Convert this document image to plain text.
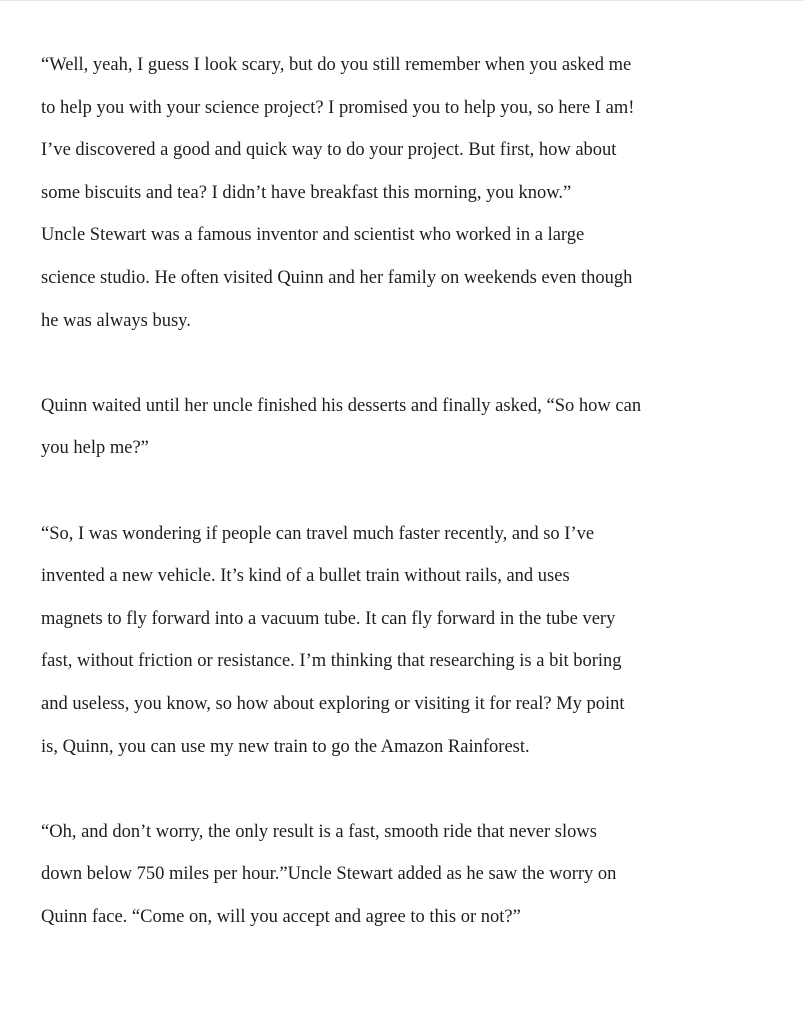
“Well, yeah, I guess I look scary, but do you still remember when you asked me
to help you with your science project? I promised you to help you, so here I am!
I’ve discovered a good and quick way to do your project. But first, how about
some biscuits and tea? I didn’t have breakfast this morning, you know.”
Uncle Stewart was a famous inventor and scientist who worked in a large
science studio. He often visited Quinn and her family on weekends even though
he was always busy.
Quinn waited until her uncle finished his desserts and finally asked, “So how can
you help me?”
“So, I was wondering if people can travel much faster recently, and so I’ve
invented a new vehicle. It’s kind of a bullet train without rails, and uses
magnets to fly forward into a vacuum tube. It can fly forward in the tube very
fast, without friction or resistance. I’m thinking that researching is a bit boring
and useless, you know, so how about exploring or visiting it for real? My point
is, Quinn, you can use my new train to go the Amazon Rainforest.
“Oh, and don’t worry, the only result is a fast, smooth ride that never slows
down below 750 miles per hour.”Uncle Stewart added as he saw the worry on
Quinn face. “Come on, will you accept and agree to this or not?”
